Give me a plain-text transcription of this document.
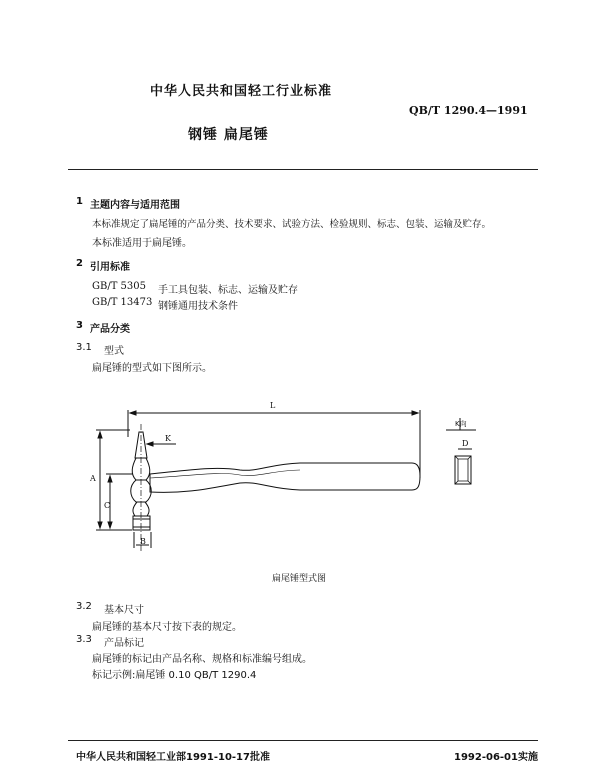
中华人民共和国轻工行业标准
QB/T 1290.4—1991
钢锤 扁尾锤
1 主题内容与适用范围
本标准规定了扁尾锤的产品分类、技术要求、试验方法、检验规则、标志、包装、运输及贮存。
本标准适用于扁尾锤。
2 引用标准
GB/T 5305 手工具包装、标志、运输及贮存
GB/T 13473 钢锤通用技术条件
3 产品分类
3.1 型式
扁尾锤的型式如下图所示。
L
K
A
C
B
D
K向
扁尾锤型式图
3.2 基本尺寸
扁尾锤的基本尺寸按下表的规定。
3.3 产品标记
扁尾锤的标记由产品名称、规格和标准编号组成。
标记示例:扁尾锤 0.10 QB/T 1290.4
中华人民共和国轻工业部1991-10-17批准	1992-06-01实施
